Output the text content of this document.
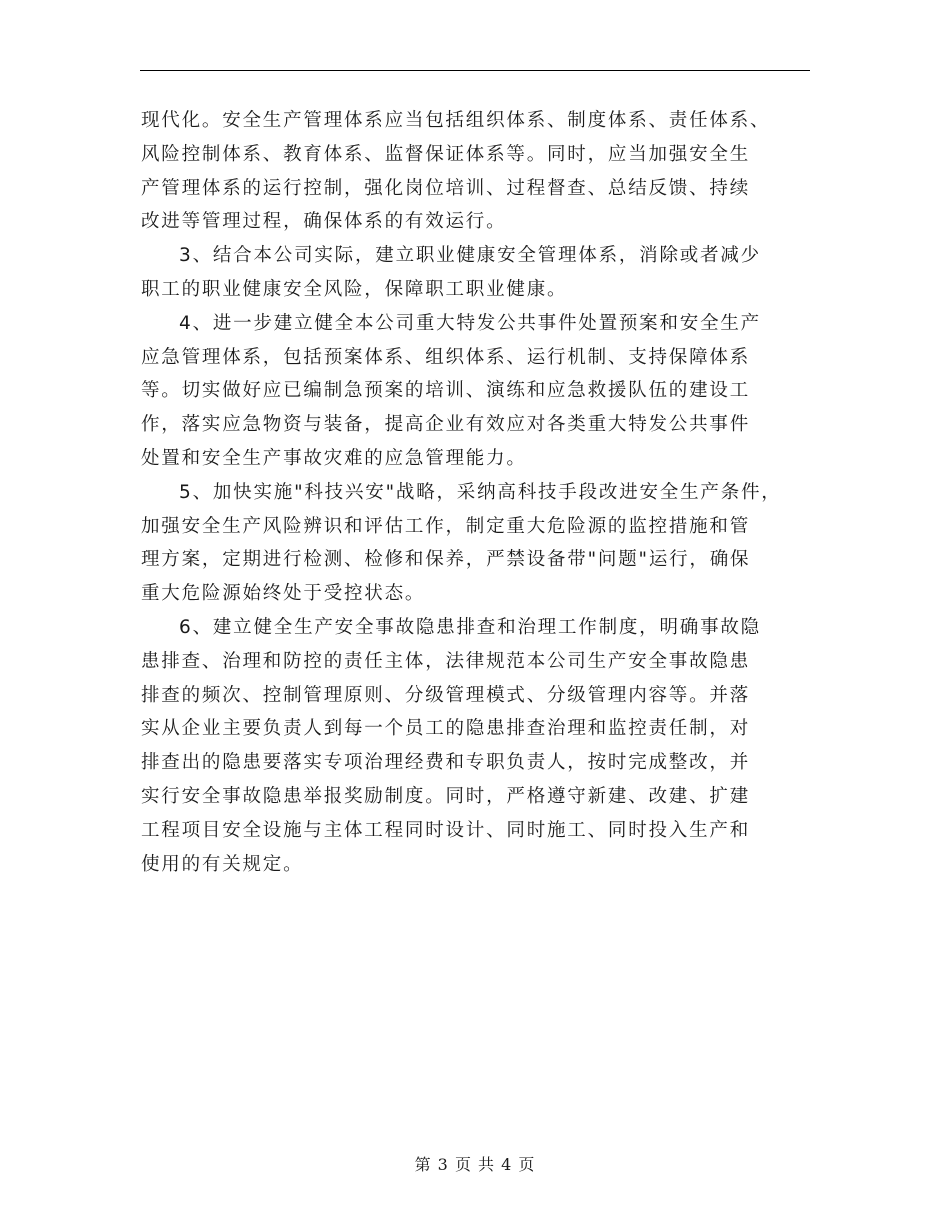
现代化。安全生产管理体系应当包括组织体系、制度体系、责任体系、
风险控制体系、教育体系、监督保证体系等。同时，应当加强安全生
产管理体系的运行控制，强化岗位培训、过程督查、总结反馈、持续
改进等管理过程，确保体系的有效运行。
3、结合本公司实际，建立职业健康安全管理体系，消除或者减少
职工的职业健康安全风险，保障职工职业健康。
4、进一步建立健全本公司重大特发公共事件处置预案和安全生产
应急管理体系，包括预案体系、组织体系、运行机制、支持保障体系
等。切实做好应已编制急预案的培训、演练和应急救援队伍的建设工
作，落实应急物资与装备，提高企业有效应对各类重大特发公共事件
处置和安全生产事故灾难的应急管理能力。
5、加快实施"科技兴安"战略，采纳高科技手段改进安全生产条件，
加强安全生产风险辨识和评估工作，制定重大危险源的监控措施和管
理方案，定期进行检测、检修和保养，严禁设备带"问题"运行，确保
重大危险源始终处于受控状态。
6、建立健全生产安全事故隐患排查和治理工作制度，明确事故隐
患排查、治理和防控的责任主体，法律规范本公司生产安全事故隐患
排查的频次、控制管理原则、分级管理模式、分级管理内容等。并落
实从企业主要负责人到每一个员工的隐患排查治理和监控责任制，对
排查出的隐患要落实专项治理经费和专职负责人，按时完成整改，并
实行安全事故隐患举报奖励制度。同时，严格遵守新建、改建、扩建
工程项目安全设施与主体工程同时设计、同时施工、同时投入生产和
使用的有关规定。
第 3 页 共 4 页
